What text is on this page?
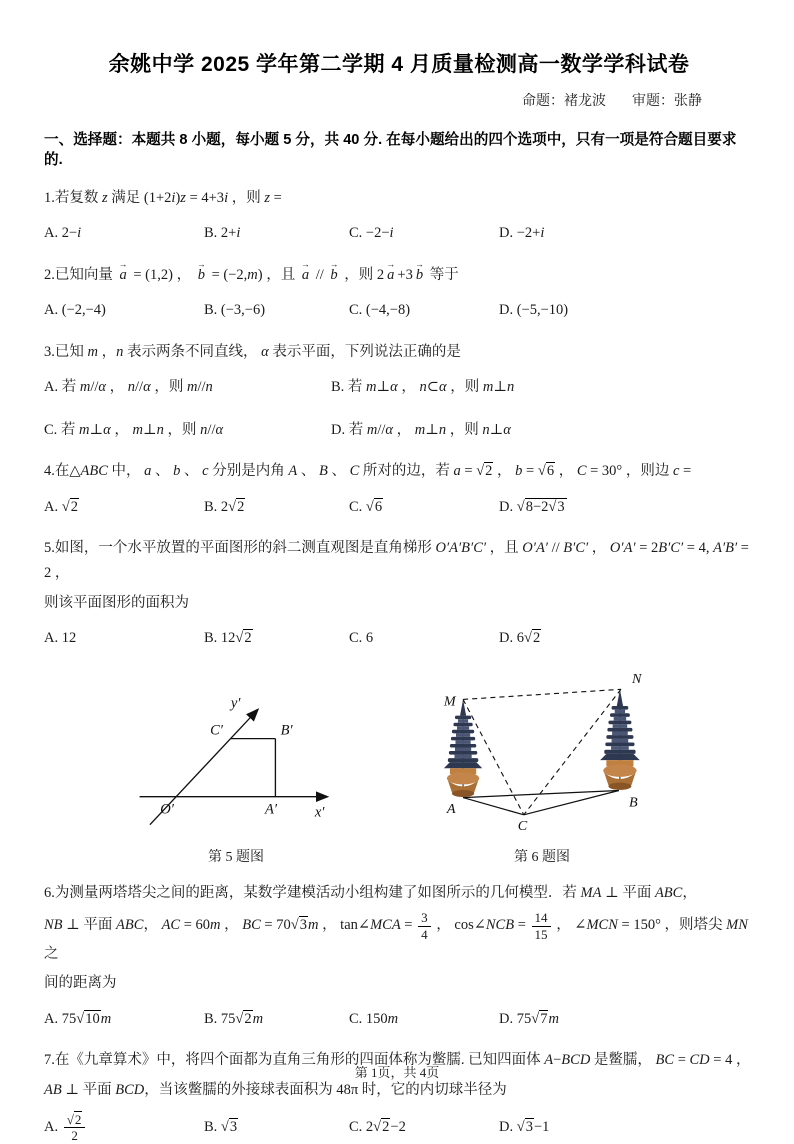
余姚中学 2025 学年第二学期 4 月质量检测高一数学学科试卷
命题：褚龙波 审题：张静
一、选择题：本题共 8 小题，每小题 5 分，共 40 分. 在每小题给出的四个选项中，只有一项是符合题目要求的.
1.若复数 z 满足 (1+2i)z = 4+3i ，则 z =
A. 2−i	B. 2+i	C. −2−i	D. −2+i
2.已知向量 a
→
= (1,2) ， b
→
= (−2,m) ，且 a
→
// b
→
，则 2 a
→
+3 b
→
等于
A. (−2,−4)	B. (−3,−6)	C. (−4,−8)	D. (−5,−10)
3.已知 m ，n 表示两条不同直线， α 表示平面，下列说法正确的是
A. 若 m//α ， n//α ，则 m//n	B. 若 m⊥α ， n⊂α ，则 m⊥n
C. 若 m⊥α ， m⊥n ，则 n//α	D. 若 m//α ， m⊥n ，则 n⊥α
4.在△ABC 中， a 、 b 、 c 分别是内角 A 、 B 、 C 所对的边，若 a = √2 ， b = √6 ， C = 30° ，则边 c =
A. √2	B. 2√2	C. √6	D. √8−2√3
5.如图，一个水平放置的平面图形的斜二测直观图是直角梯形 O′A′B′C′ ，且 O′A′ // B′C′ ， O′A′ = 2B′C′ = 4, A′B′ = 2 ，
则该平面图形的面积为
A. 12	B. 12√2	C. 6	D. 6√2
y′
x′
O′	A′
B′
C′
第 5 题图
M
N
A	B
C
第 6 题图
6.为测量两塔塔尖之间的距离，某数学建模活动小组构建了如图所示的几何模型．若 MA ⊥ 平面 ABC，
NB ⊥ 平面 ABC， AC = 60m ， BC = 70√3m ， tan∠MCA = $\frac{3}{4}$ ， cos∠NCB = $\frac{14}{15}$ ， ∠MCN = 150° ，则塔尖 MN 之
间的距离为
A. 75√10m	B. 75√2m	C. 150m	D. 75√7m
7.在《九章算术》中，将四个面都为直角三角形的四面体称为鳖臑. 已知四面体 A−BCD 是鳖臑， BC = CD = 4 ，
AB ⊥ 平面 BCD，当该鳖臑的外接球表面积为 48π 时，它的内切球半径为
A. $\frac{√2}{2}$	B. √3	C. 2√2−2	D. √3−1
第 1页，共 4页
